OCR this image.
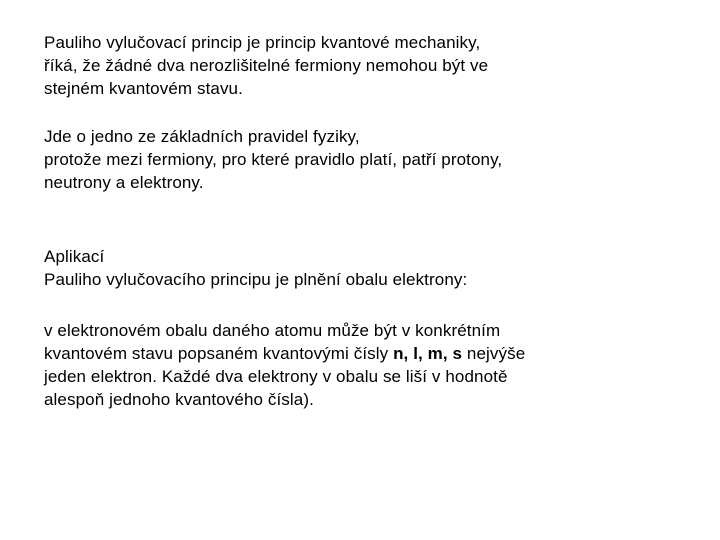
Pauliho vylučovací princip je princip kvantové mechaniky,
říká, že žádné dva nerozlišitelné fermiony nemohou být ve
stejném kvantovém stavu.

Jde o jedno ze základních pravidel fyziky,
protože mezi fermiony, pro které pravidlo platí, patří protony,
neutrony a elektrony.

Aplikací
Pauliho vylučovacího principu je plnění obalu elektrony:

v elektronovém obalu daného atomu může být v konkrétním
kvantovém stavu popsaném kvantovými čísly n, l, m, s nejvýše
jeden elektron. Každé dva elektrony v obalu se liší v hodnotě
alespoň jednoho kvantového čísla).
